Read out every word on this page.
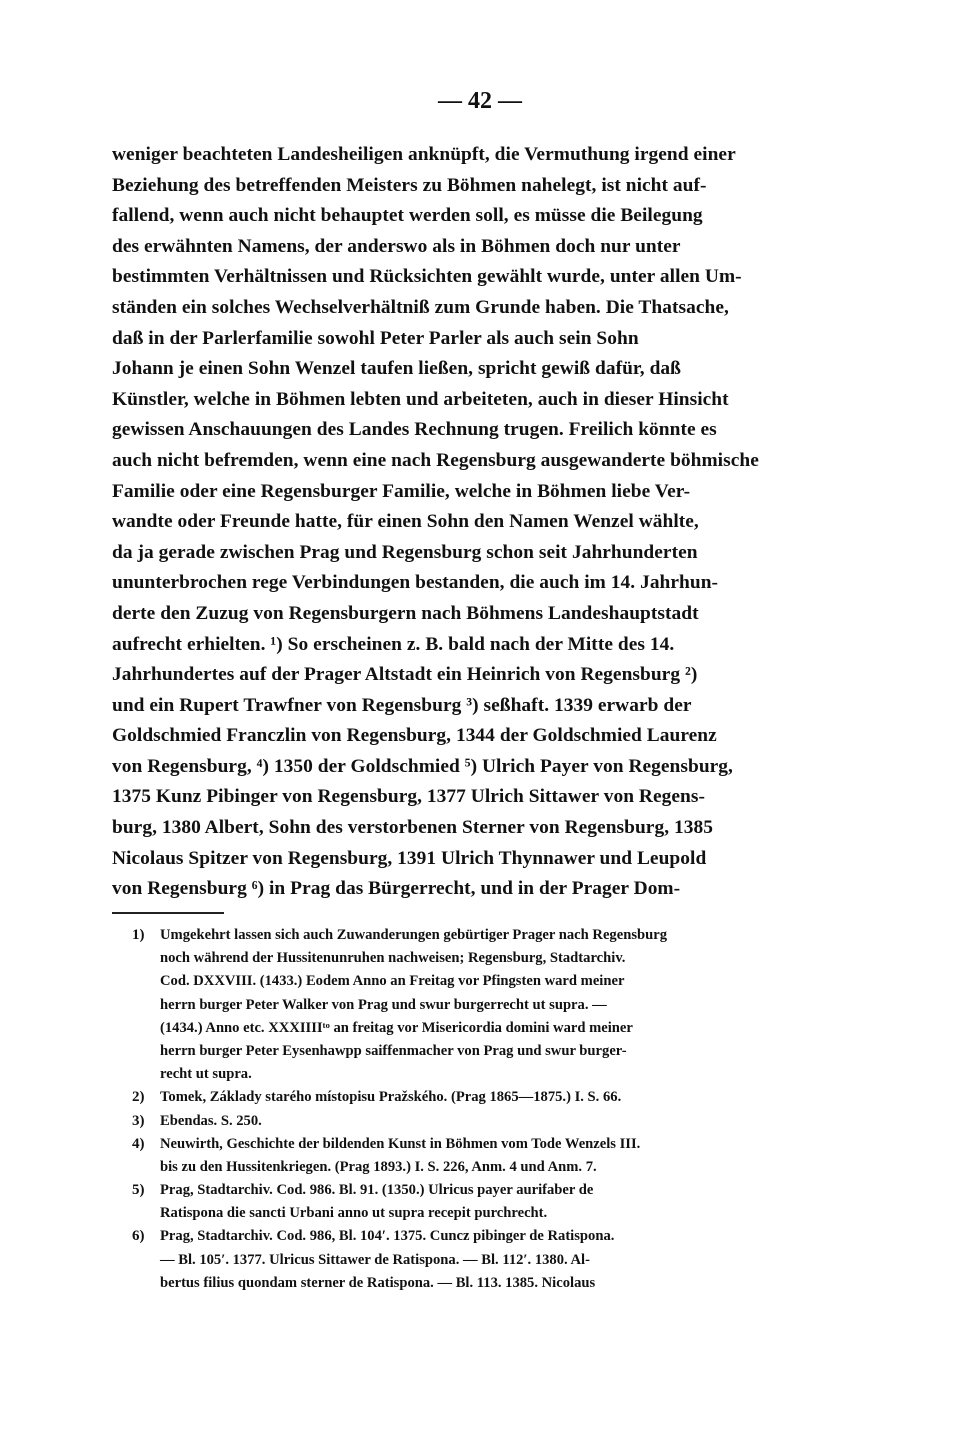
— 42 —
weniger beachteten Landesheiligen anknüpft, die Vermuthung irgend einer
Beziehung des betreffenden Meisters zu Böhmen nahelegt, ist nicht auf-
fallend, wenn auch nicht behauptet werden soll, es müsse die Beilegung
des erwähnten Namens, der anderswo als in Böhmen doch nur unter
bestimmten Verhältnissen und Rücksichten gewählt wurde, unter allen Um-
ständen ein solches Wechselverhältniß zum Grunde haben. Die Thatsache,
daß in der Parlerfamilie sowohl Peter Parler als auch sein Sohn
Johann je einen Sohn Wenzel taufen ließen, spricht gewiß dafür, daß
Künstler, welche in Böhmen lebten und arbeiteten, auch in dieser Hinsicht
gewissen Anschauungen des Landes Rechnung trugen. Freilich könnte es
auch nicht befremden, wenn eine nach Regensburg ausgewanderte böhmische
Familie oder eine Regensburger Familie, welche in Böhmen liebe Ver-
wandte oder Freunde hatte, für einen Sohn den Namen Wenzel wählte,
da ja gerade zwischen Prag und Regensburg schon seit Jahrhunderten
ununterbrochen rege Verbindungen bestanden, die auch im 14. Jahrhun-
derte den Zuzug von Regensburgern nach Böhmens Landeshauptstadt
aufrecht erhielten. ¹) So erscheinen z. B. bald nach der Mitte des 14.
Jahrhundertes auf der Prager Altstadt ein Heinrich von Regensburg ²)
und ein Rupert Trawfner von Regensburg ³) seßhaft. 1339 erwarb der
Goldschmied Franczlin von Regensburg, 1344 der Goldschmied Laurenz
von Regensburg, ⁴) 1350 der Goldschmied ⁵) Ulrich Payer von Regensburg,
1375 Kunz Pibinger von Regensburg, 1377 Ulrich Sittawer von Regens-
burg, 1380 Albert, Sohn des verstorbenen Sterner von Regensburg, 1385
Nicolaus Spitzer von Regensburg, 1391 Ulrich Thynnawer und Leupold
von Regensburg ⁶) in Prag das Bürgerrecht, und in der Prager Dom-
1)	Umgekehrt lassen sich auch Zuwanderungen gebürtiger Prager nach Regensburg
noch während der Hussitenunruhen nachweisen; Regensburg, Stadtarchiv.
Cod. DXXVIII. (1433.) Eodem Anno an Freitag vor Pfingsten ward meiner
herrn burger Peter Walker von Prag und swur burgerrecht ut supra. —
(1434.) Anno etc. XXXIIIIᵗᵒ an freitag vor Misericordia domini ward meiner
herrn burger Peter Eysenhawpp saiffenmacher von Prag und swur burger-
recht ut supra.
2)	Tomek, Základy starého místopisu Pražského. (Prag 1865—1875.) I. S. 66.
3)	Ebendas. S. 250.
4)	Neuwirth, Geschichte der bildenden Kunst in Böhmen vom Tode Wenzels III.
bis zu den Hussitenkriegen. (Prag 1893.) I. S. 226, Anm. 4 und Anm. 7.
5)	Prag, Stadtarchiv. Cod. 986. Bl. 91. (1350.) Ulricus payer aurifaber de
Ratispona die sancti Urbani anno ut supra recepit purchrecht.
6)	Prag, Stadtarchiv. Cod. 986, Bl. 104′. 1375. Cuncz pibinger de Ratispona.
— Bl. 105′. 1377. Ulricus Sittawer de Ratispona. — Bl. 112′. 1380. Al-
bertus filius quondam sterner de Ratispona. — Bl. 113. 1385. Nicolaus
